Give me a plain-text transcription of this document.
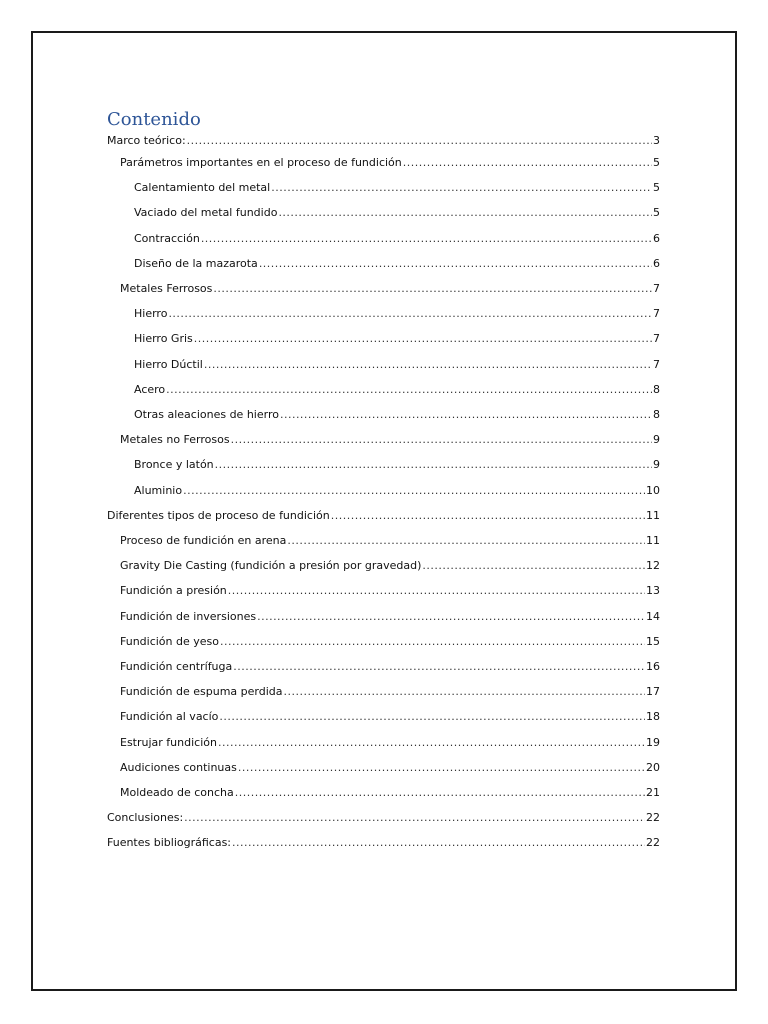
Contenido
Marco teórico: .....	3
Parámetros importantes en el proceso de fundición .....	5
Calentamiento del metal .....	5
Vaciado del metal fundido .....	5
Contracción .....	6
Diseño de la mazarota .....	6
Metales Ferrosos .....	7
Hierro .....	7
Hierro Gris .....	7
Hierro Dúctil .....	7
Acero .....	8
Otras aleaciones de hierro .....	8
Metales no Ferrosos .....	9
Bronce y latón .....	9
Aluminio .....	10
Diferentes tipos de proceso de fundición .....	11
Proceso de fundición en arena .....	11
Gravity Die Casting (fundición a presión por gravedad) .....	12
Fundición a presión .....	13
Fundición de inversiones .....	14
Fundición de yeso .....	15
Fundición centrífuga .....	16
Fundición de espuma perdida .....	17
Fundición al vacío .....	18
Estrujar fundición .....	19
Audiciones continuas .....	20
Moldeado de concha .....	21
Conclusiones: .....	22
Fuentes bibliográficas: .....	22
